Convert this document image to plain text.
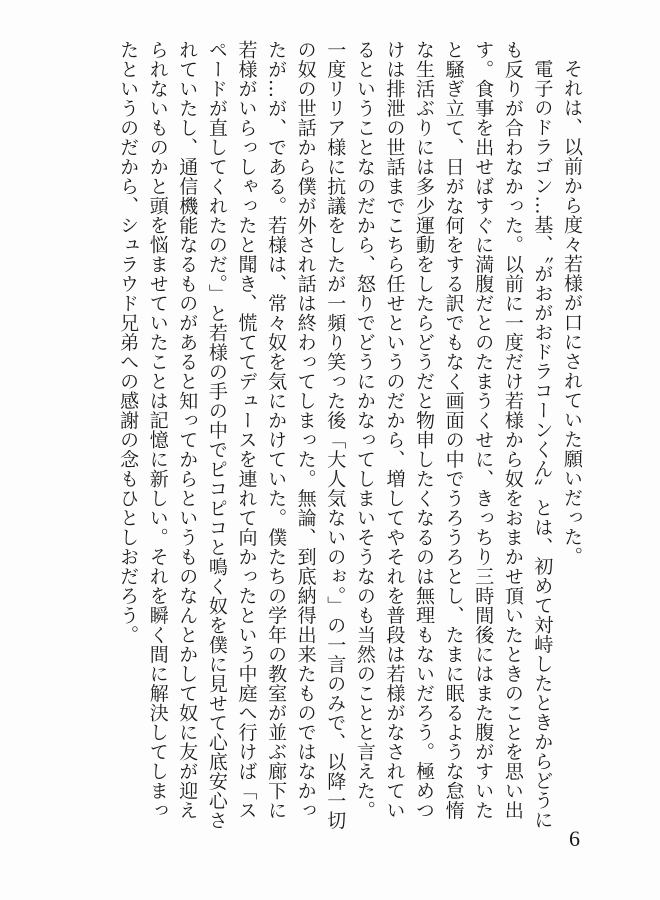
それは、以前から度々若様が口にされていた願いだった。

電子のドラゴン…基、〝がおがおドラコーンくん〟とは、初めて対峙したときからどうにも反りが合わなかった。以前に一度だけ若様から奴をおまかせ頂いたときのことを思い出す。食事を出せばすぐに満腹だとのたまうくせに、きっちり三時間後にはまた腹がすいたと騒ぎ立て、日がな何をする訳でもなく画面の中でうろうろとし、たまに眠るような怠惰な生活ぶりには多少運動をしたらどうだと物申したくなるのは無理もないだろう。極めつけは排泄の世話までこちら任せというのだから、増してやそれを普段は若様がなされているということなのだから、怒りでどうにかなってしまいそうなのも当然のことと言えた。一度リリア様に抗議をしたが一頻り笑った後「大人気ないのぉ。」の一言のみで、以降一切の奴の世話から僕が外され話は終わってしまった。無論、到底納得出来たものではなかったが…が、である。若様は、常々奴を気にかけていた。僕たちの学年の教室が並ぶ廊下に若様がいらっしゃったと聞き、慌ててデュースを連れて向かったという中庭へ行けば「スペードが直してくれたのだ。」と若様の手の中でピコピコと鳴く奴を僕に見せて心底安心されていたし、通信機能なるものがあると知ってからというものなんとかして奴に友が迎えられないものかと頭を悩ませていたことは記憶に新しい。それを瞬く間に解決してしまったというのだから、シュラウド兄弟への感謝の念もひとしおだろう。

6
